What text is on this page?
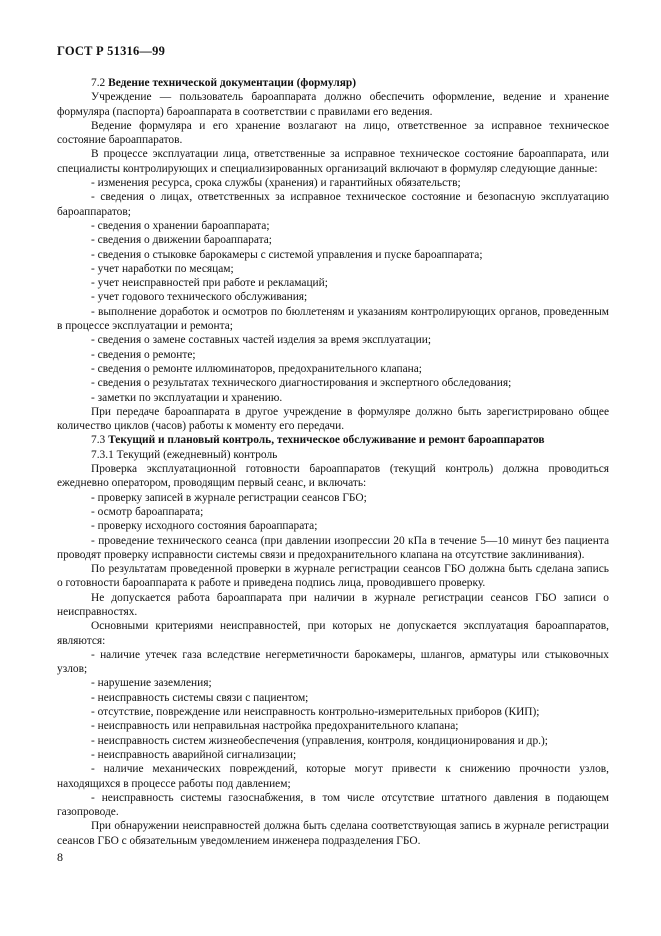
ГОСТ Р 51316—99

7.2 Ведение технической документации (формуляр)

Учреждение — пользователь бароаппарата должно обеспечить оформление, ведение и хранение формуляра (паспорта) бароаппарата в соответствии с правилами его ведения.

Ведение формуляра и его хранение возлагают на лицо, ответственное за исправное техническое состояние бароаппаратов.

В процессе эксплуатации лица, ответственные за исправное техническое состояние бароаппарата, или специалисты контролирующих и специализированных организаций включают в формуляр следующие данные:

- изменения ресурса, срока службы (хранения) и гарантийных обязательств;

- сведения о лицах, ответственных за исправное техническое состояние и безопасную эксплуатацию бароаппаратов;

- сведения о хранении бароаппарата;

- сведения о движении бароаппарата;

- сведения о стыковке барокамеры с системой управления и пуске бароаппарата;

- учет наработки по месяцам;

- учет неисправностей при работе и рекламаций;

- учет годового технического обслуживания;

- выполнение доработок и осмотров по бюллетеням и указаниям контролирующих органов, проведенным в процессе эксплуатации и ремонта;

- сведения о замене составных частей изделия за время эксплуатации;

- сведения о ремонте;

- сведения о ремонте иллюминаторов, предохранительного клапана;

- сведения о результатах технического диагностирования и экспертного обследования;

- заметки по эксплуатации и хранению.

При передаче бароаппарата в другое учреждение в формуляре должно быть зарегистрировано общее количество циклов (часов) работы к моменту его передачи.

7.3 Текущий и плановый контроль, техническое обслуживание и ремонт бароаппаратов

7.3.1 Текущий (ежедневный) контроль

Проверка эксплуатационной готовности бароаппаратов (текущий контроль) должна проводиться ежедневно оператором, проводящим первый сеанс, и включать:

- проверку записей в журнале регистрации сеансов ГБО;

- осмотр бароаппарата;

- проверку исходного состояния бароаппарата;

- проведение технического сеанса (при давлении изопрессии 20 кПа в течение 5—10 минут без пациента проводят проверку исправности системы связи и предохранительного клапана на отсутствие заклинивания).

По результатам проведенной проверки в журнале регистрации сеансов ГБО должна быть сделана запись о готовности бароаппарата к работе и приведена подпись лица, проводившего проверку.

Не допускается работа бароаппарата при наличии в журнале регистрации сеансов ГБО записи о неисправностях.

Основными критериями неисправностей, при которых не допускается эксплуатация бароаппаратов, являются:

- наличие утечек газа вследствие негерметичности барокамеры, шлангов, арматуры или стыковочных узлов;

- нарушение заземления;

- неисправность системы связи с пациентом;

- отсутствие, повреждение или неисправность контрольно-измерительных приборов (КИП);

- неисправность или неправильная настройка предохранительного клапана;

- неисправность систем жизнеобеспечения (управления, контроля, кондиционирования и др.);

- неисправность аварийной сигнализации;

- наличие механических повреждений, которые могут привести к снижению прочности узлов, находящихся в процессе работы под давлением;

- неисправность системы газоснабжения, в том числе отсутствие штатного давления в подающем газопроводе.

При обнаружении неисправностей должна быть сделана соответствующая запись в журнале регистрации сеансов ГБО с обязательным уведомлением инженера подразделения ГБО.

8
